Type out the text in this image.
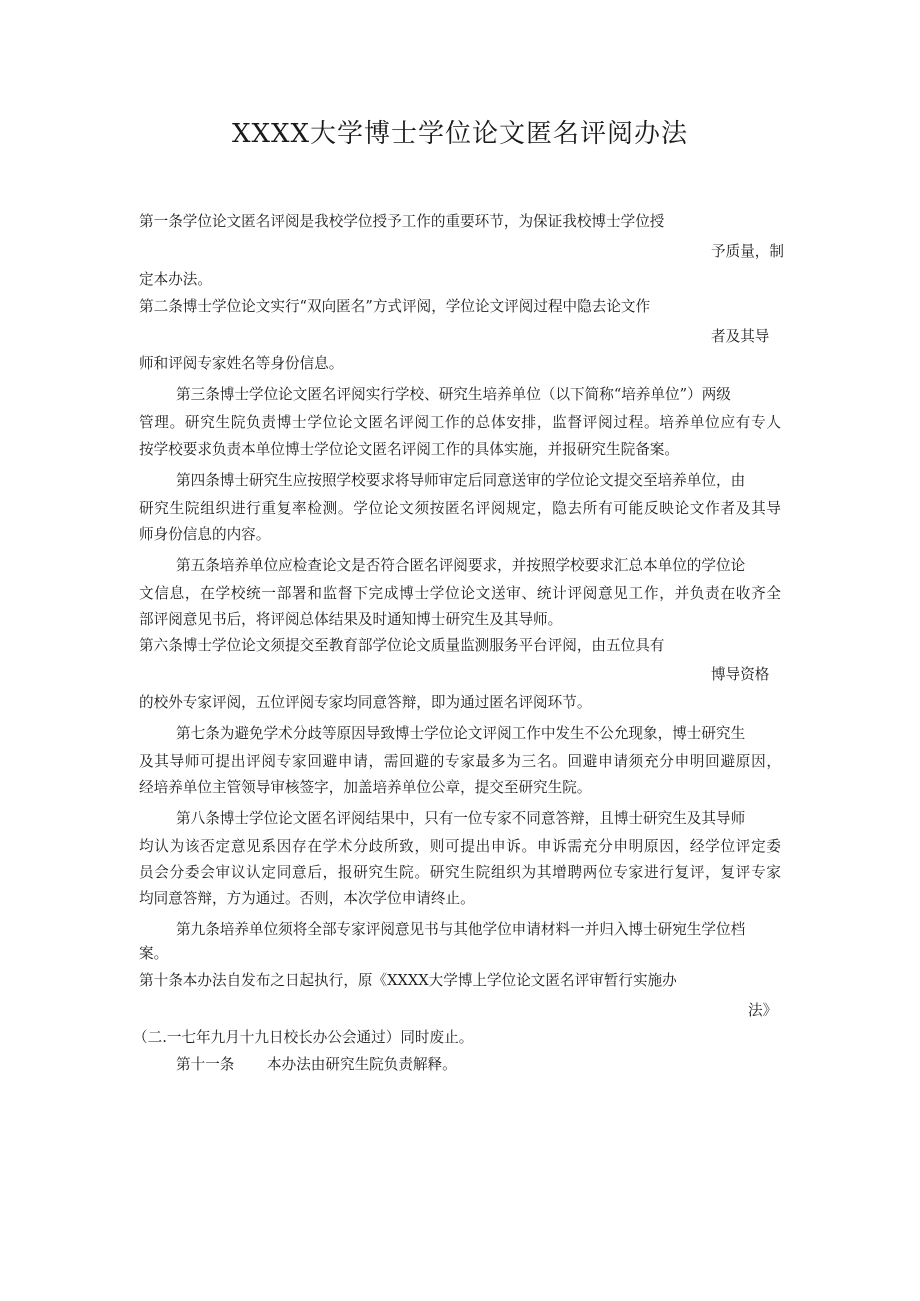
XXXX大学博士学位论文匿名评阅办法
第一条学位论文匿名评阅是我校学位授予工作的重要环节，为保证我校博士学位授
予质量，制
定本办法。
第二条博士学位论文实行“双向匿名”方式评阅，学位论文评阅过程中隐去论文作
者及其导
师和评阅专家姓名等身份信息。
第三条博士学位论文匿名评阅实行学校、研究生培养单位（以下简称“培养单位”）两级
管理。研究生院负责博士学位论文匿名评阅工作的总体安排，监督评阅过程。培养单位应有专人
按学校要求负责本单位博士学位论文匿名评阅工作的具体实施，并报研究生院备案。
第四条博士研究生应按照学校要求将导师审定后同意送审的学位论文提交至培养单位，由
研究生院组织进行重复率检测。学位论文须按匿名评阅规定，隐去所有可能反映论文作者及其导
师身份信息的内容。
第五条培养单位应检查论文是否符合匿名评阅要求，并按照学校要求汇总本单位的学位论
文信息，在学校统一部署和监督下完成博士学位论文送审、统计评阅意见工作，并负责在收齐全
部评阅意见书后，将评阅总体结果及时通知博士研究生及其导师。
第六条博士学位论文须提交至教育部学位论文质量监测服务平台评阅，由五位具有
博导资格
的校外专家评阅，五位评阅专家均同意答辩，即为通过匿名评阅环节。
第七条为避免学术分歧等原因导致博士学位论文评阅工作中发生不公允现象，博士研究生
及其导师可提出评阅专家回避申请，需回避的专家最多为三名。回避申请须充分申明回避原因，
经培养单位主管领导审核签字，加盖培养单位公章，提交至研究生院。
第八条博士学位论文匿名评阅结果中，只有一位专家不同意答辩，且博士研究生及其导师
均认为该否定意见系因存在学术分歧所致，则可提出申诉。申诉需充分申明原因，经学位评定委
员会分委会审议认定同意后，报研究生院。研究生院组织为其增聘两位专家进行复评，复评专家
均同意答辩，方为通过。否则，本次学位申请终止。
第九条培养单位须将全部专家评阅意见书与其他学位申请材料一并归入博士研宛生学位档
案。
第十条本办法自发布之日起执行，原《XXXX大学博上学位论文匿名评审暂行实施办
法》
（二.一七年九月十九日校长办公会通过）同时废止。
第十一条 本办法由研究生院负责解释。
